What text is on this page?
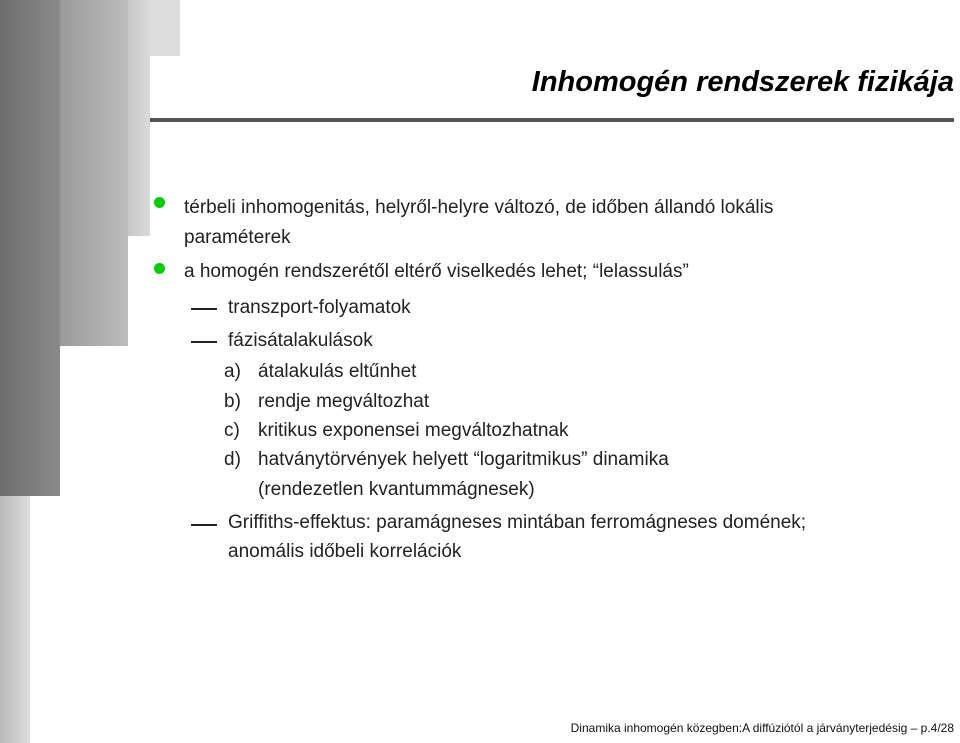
Inhomogén rendszerek fizikája
térbeli inhomogenitás, helyről-helyre változó, de időben állandó lokális
paraméterek
a homogén rendszerétől eltérő viselkedés lehet; “lelassulás”
transzport-folyamatok
fázisátalakulások
a) átalakulás eltűnhet
b) rendje megváltozhat
c) kritikus exponensei megváltozhatnak
d) hatványtörvények helyett “logaritmikus” dinamika
(rendezetlen kvantummágnesek)
Griffiths-effektus: paramágneses mintában ferromágneses domének;
anomális időbeli korrelációk
Dinamika inhomogén közegben:A diffúziótól a járványterjedésig – p.4/28
